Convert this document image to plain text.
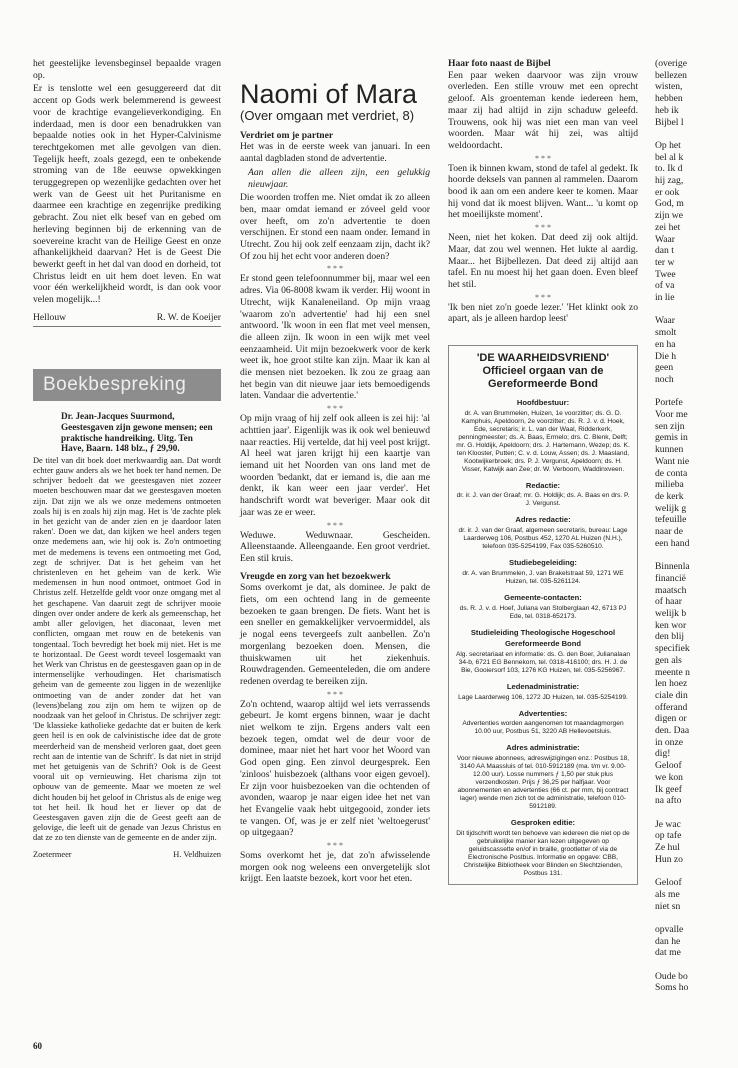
het geestelijke levensbeginsel bepaalde vragen op.

Er is tenslotte wel een gesuggereerd dat dit accent op Gods werk belemmerend is geweest voor de krachtige evangelieverkondiging. En inderdaad, men is door een benadrukken van bepaalde noties ook in het Hyper-Calvinisme terechtgekomen met alle gevolgen van dien. Tegelijk heeft, zoals gezegd, een te onbekende stroming van de 18e eeuwse opwekkingen teruggegrepen op wezenlijke gedachten over het werk van de Geest uit het Puritanisme en daarmee een krachtige en zegenrijke prediking gebracht. Zou niet elk besef van en gebed om herleving beginnen bij de erkenning van de soevereine kracht van de Heilige Geest en onze afhankelijkheid daarvan? Het is de Geest Die bewerkt geeft in het dal van dood en dorheid, tot Christus leidt en uit hem doet leven. En wat voor één werkelijkheid wordt, is dan ook voor velen mogelijk...!

Hellouw	R. W. de Koeijer
Boekbespreking
Dr. Jean-Jacques Suurmond, Geestesgaven zijn gewone mensen; een praktische handreiking. Uitg. Ten Have, Baarn. 148 blz., ƒ 29,90.

De titel van dit boek doet merkwaardig aan. Dat wordt echter gauw anders als we het boek ter hand nemen. De schrijver bedoelt dat we geestesgaven niet zozeer moeten beschouwen maar dat we geestesgaven moeten zijn. Dat zijn we als we onze medemens ontmoeten zoals hij is en zoals hij zijn mag. Het is 'de zachte plek in het gezicht van de ander zien en je daardoor laten raken'. Doen we dat, dan kijken we heel anders tegen onze medemens aan, wie hij ook is. Zo'n ontmoeting met de medemens is tevens een ontmoeting met God, zegt de schrijver. Dat is het geheim van het christenleven en het geheim van de kerk. Wie medemensen in hun nood ontmoet, ontmoet God in Christus zelf. Hetzelfde geldt voor onze omgang met al het geschapene. Van daaruit zegt de schrijver mooie dingen over onder andere de kerk als gemeenschap, het ambt aller gelovigen, het diaconaat, leven met conflicten, omgaan met rouw en de betekenis van tongentaal. Toch bevredigt het boek mij niet. Het is me te horizontaal. De Geest wordt teveel losgemaakt van het Werk van Christus en de geestesgaven gaan op in de intermenselijke verhoudingen. Het charismatisch geheim van de gemeente zou liggen in de wezenlijke ontmoeting van de ander zonder dat het van (levens)belang zou zijn om hem te wijzen op de noodzaak van het geloof in Christus. De schrijver zegt: 'De klassieke katholieke gedachte dat er buiten de kerk geen heil is en ook de calvinistische idee dat de grote meerderheid van de mensheid verloren gaat, doet geen recht aan de intentie van de Schrift'. Is dat niet in strijd met het getuigenis van de Schrift? Ook is de Geest vooral uit op vernieuwing. Het charisma zijn tot opbouw van de gemeente. Maar we moeten ze wel dicht houden bij het geloof in Christus als de enige weg tot het heil. Ik houd het er liever op dat de Geestesgaven gaven zijn die de Geest geeft aan de gelovige, die leeft uit de genade van Jezus Christus en dat ze zo ten dienste van de gemeente en de ander zijn.

Zoetermeer	H. Veldhuizen
Naomi of Mara
(Over omgaan met verdriet, 8)
Verdriet om je partner

Het was in de eerste week van januari. In een aantal dagbladen stond de advertentie.

Aan allen die alleen zijn, een gelukkig nieuwjaar.

Die woorden troffen me. Niet omdat ik zo alleen ben, maar omdat iemand er zóveel geld voor over heeft, om zo'n advertentie te doen verschijnen. Er stond een naam onder. Iemand in Utrecht. Zou hij ook zelf eenzaam zijn, dacht ik? Of zou hij het echt voor anderen doen?

* * *

Er stond geen telefoonnummer bij, maar wel een adres. Via 06-8008 kwam ik verder. Hij woont in Utrecht, wijk Kanaleneiland. Op mijn vraag 'waarom zo'n advertentie' had hij een snel antwoord. 'Ik woon in een flat met veel mensen, die alleen zijn. Ik woon in een wijk met veel eenzaamheid. Uit mijn bezoekwerk voor de kerk weet ik, hoe groot stilte kan zijn. Maar ik kan al die mensen niet bezoeken. Ik zou ze graag aan het begin van dit nieuwe jaar iets bemoedigends laten. Vandaar die advertentie.'

* * *

Op mijn vraag of hij zelf ook alleen is zei hij: 'al achttien jaar'. Eigenlijk was ik ook wel benieuwd naar reacties. Hij vertelde, dat hij veel post krijgt. Al heel wat jaren krijgt hij een kaartje van iemand uit het Noorden van ons land met de woorden 'bedankt, dat er iemand is, die aan me denkt, ik kan weer een jaar verder'. Het handschrift wordt wat beveriger. Maar ook dit jaar was ze er weer.

* * *

Weduwe. Weduwnaar. Gescheiden. Alleenstaande. Alleengaande. Een groot verdriet. Een stil kruis.

Vreugde en zorg van het bezoekwerk

Soms overkomt je dat, als dominee. Je pakt de fiets, om een ochtend lang in de gemeente bezoeken te gaan brengen. De fiets. Want het is een sneller en gemakkelijker vervoermiddel, als je nogal eens tevergeefs zult aanbellen. Zo'n morgenlang bezoeken doen. Mensen, die thuiskwamen uit het ziekenhuis. Rouwdragenden. Gemeenteleden, die om andere redenen overdag te bereiken zijn.

* * *

Zo'n ochtend, waarop altijd wel iets verrassends gebeurt. Je komt ergens binnen, waar je dacht niet welkom te zijn. Ergens anders valt een bezoek tegen, omdat wel de deur voor de dominee, maar niet het hart voor het Woord van God open ging. Een zinvol deurgesprek. Een 'zinloos' huisbezoek (althans voor eigen gevoel). Er zijn voor huisbezoeken van die ochtenden of avonden, waarop je naar eigen idee het net van het Evangelie vaak hebt uitgegooid, zonder iets te vangen. Of, was je er zelf niet 'weltoegerust' op uitgegaan?

* * *

Soms overkomt het je, dat zo'n afwisselende morgen ook nog weleens een onvergetelijk slot krijgt. Een laatste bezoek, kort voor het eten.

Haar foto naast de Bijbel

Een paar weken daarvoor was zijn vrouw overleden. Een stille vrouw met een oprecht geloof. Als groenteman kende iedereen hem, maar zij had altijd in zijn schaduw geleefd. Trouwens, ook hij was niet een man van veel woorden. Maar wát hij zei, was altijd weldoordacht.

* * *

Toen ik binnen kwam, stond de tafel al gedekt. Ik hoorde deksels van pannen al rammelen. Daarom bood ik aan om een andere keer te komen. Maar hij vond dat ik moest blijven. Want... 'u komt op het moeilijkste moment'.

* * *

Neen, niet het koken. Dat deed zij ook altijd. Maar, dat zou wel wennen. Het lukte al aardig. Maar... het Bijbellezen. Dat deed zij altijd aan tafel. En nu moest hij het gaan doen. Even bleef het stil.

* * *

'Ik ben niet zo'n goede lezer.' 'Het klinkt ook zo apart, als je alleen hardop leest'

'DE WAARHEIDSVRIEND'
Officieel orgaan van de Gereformeerde Bond
Hoofdbestuur:

dr. A. van Brummelen, Huizen, 1e voorzitter; ds. G. D. Kamphuis, Apeldoorn, 2e voorzitter; ds. R. J. v. d. Hoek, Ede, secretaris; ir. L. van der Waal, Ridderkerk, penningmeester; ds. A. Baas, Ermelo; drs. C. Blenk, Delft; mr. G. Holdijk, Apeldoorn; drs. J. Hartemann, Wezep; ds. K. ten Klooster, Putten; C. v. d. Louw, Assen; ds. J. Maasland, Kootwijkerbroek; drs. P. J. Vergunst, Apeldoorn; ds. H. Visser, Katwijk aan Zee; dr. W. Verboom, Waddinxveen.

Redactie:

dr. ir. J. van der Graaf; mr. G. Holdijk; ds. A. Baas en drs. P. J. Vergunst.

Adres redactie:

dr. ir. J. van der Graaf, algemeen secretaris, bureau: Lage Laarderweg 106, Postbus 452, 1270 AL Huizen (N.H.), telefoon 035-5254199, Fax 035-5260510.

Studiebegeleiding:

dr. A. van Brummelen, J. van Brakelstraat 59, 1271 WE Huizen, tel. 035-5261124.

Gemeente-contacten:

ds. R. J. v. d. Hoef, Juliana van Stolberglaan 42, 6713 PJ Ede, tel. 0318-652173.

Studieleiding Theologische Hogeschool Gereformeerde Bond

Alg. secretariaat en informatie: ds. G. den Boer, Julianalaan 34-b, 6721 EG Bennekom, tel. 0318-416100; drs. H. J. de Bie, Gooiersorf 103, 1276 KG Huizen, tel. 035-5256967.

Ledenadministratie:

Lage Laarderweg 106, 1272 JD Huizen, tel. 035-5254199.

Advertenties:

Advertenties worden aangenomen tot maandagmorgen 10.00 uur, Postbus 51, 3220 AB Hellevoetsluis.

Adres administratie:

Voor nieuwe abonnees, adreswijzigingen enz.: Postbus 18, 3140 AA Maassluis of tel. 010-5912189 (ma. t/m vr. 9.00-12.00 uur). Losse nummers ƒ 1,50 per stuk plus verzendkosten. Prijs ƒ 36,25 per halfjaar. Voor abonnementen en advertenties (66 ct. per mm, bij contract lager) wende men zich tot de administratie, telefoon 010-5912189.

Gesproken editie:

Dit tijdschrift wordt ten behoeve van iedereen die niet op de gebruikelijke manier kan lezen uitgegeven op geluidscassette en/of in braille, grootletter of via de Electronische Postbus. Informatie en opgave: CBB, Christelijke Bibliotheek voor Blinden en Slechtzienden, Postbus 131.

(overige
bellezen
wisten,
hebben
heb ik
Bijbel l
Op het
bel al k
to. Ik d
hij zag,
er ook
God, m
zijn we
zei het
Waar
dan t
ter w
Twee
of va
in lie
Waar
smolt
en ha
Die h
geen
noch
Portefe
Voor me
sen zijn
gemis in
kunnen
Want nie
de conta
milieba
de kerk
welijk g
tefeuille
naar de
een hand
Binnenla
financië
maatsch
of haar
welijk b
ken wor
den blij
specifiek
gen als
meente n
len hoez
ciale din
offerand
digen or
den. Daa
in onze
dig!
Geloof
we kon
Ik geef
na afto
Je wac
op tafe
Ze hul
Hun zo
Geloof
als me
niet sn
opvalle
dan he
dat me
Oude bo
Soms ho
60
